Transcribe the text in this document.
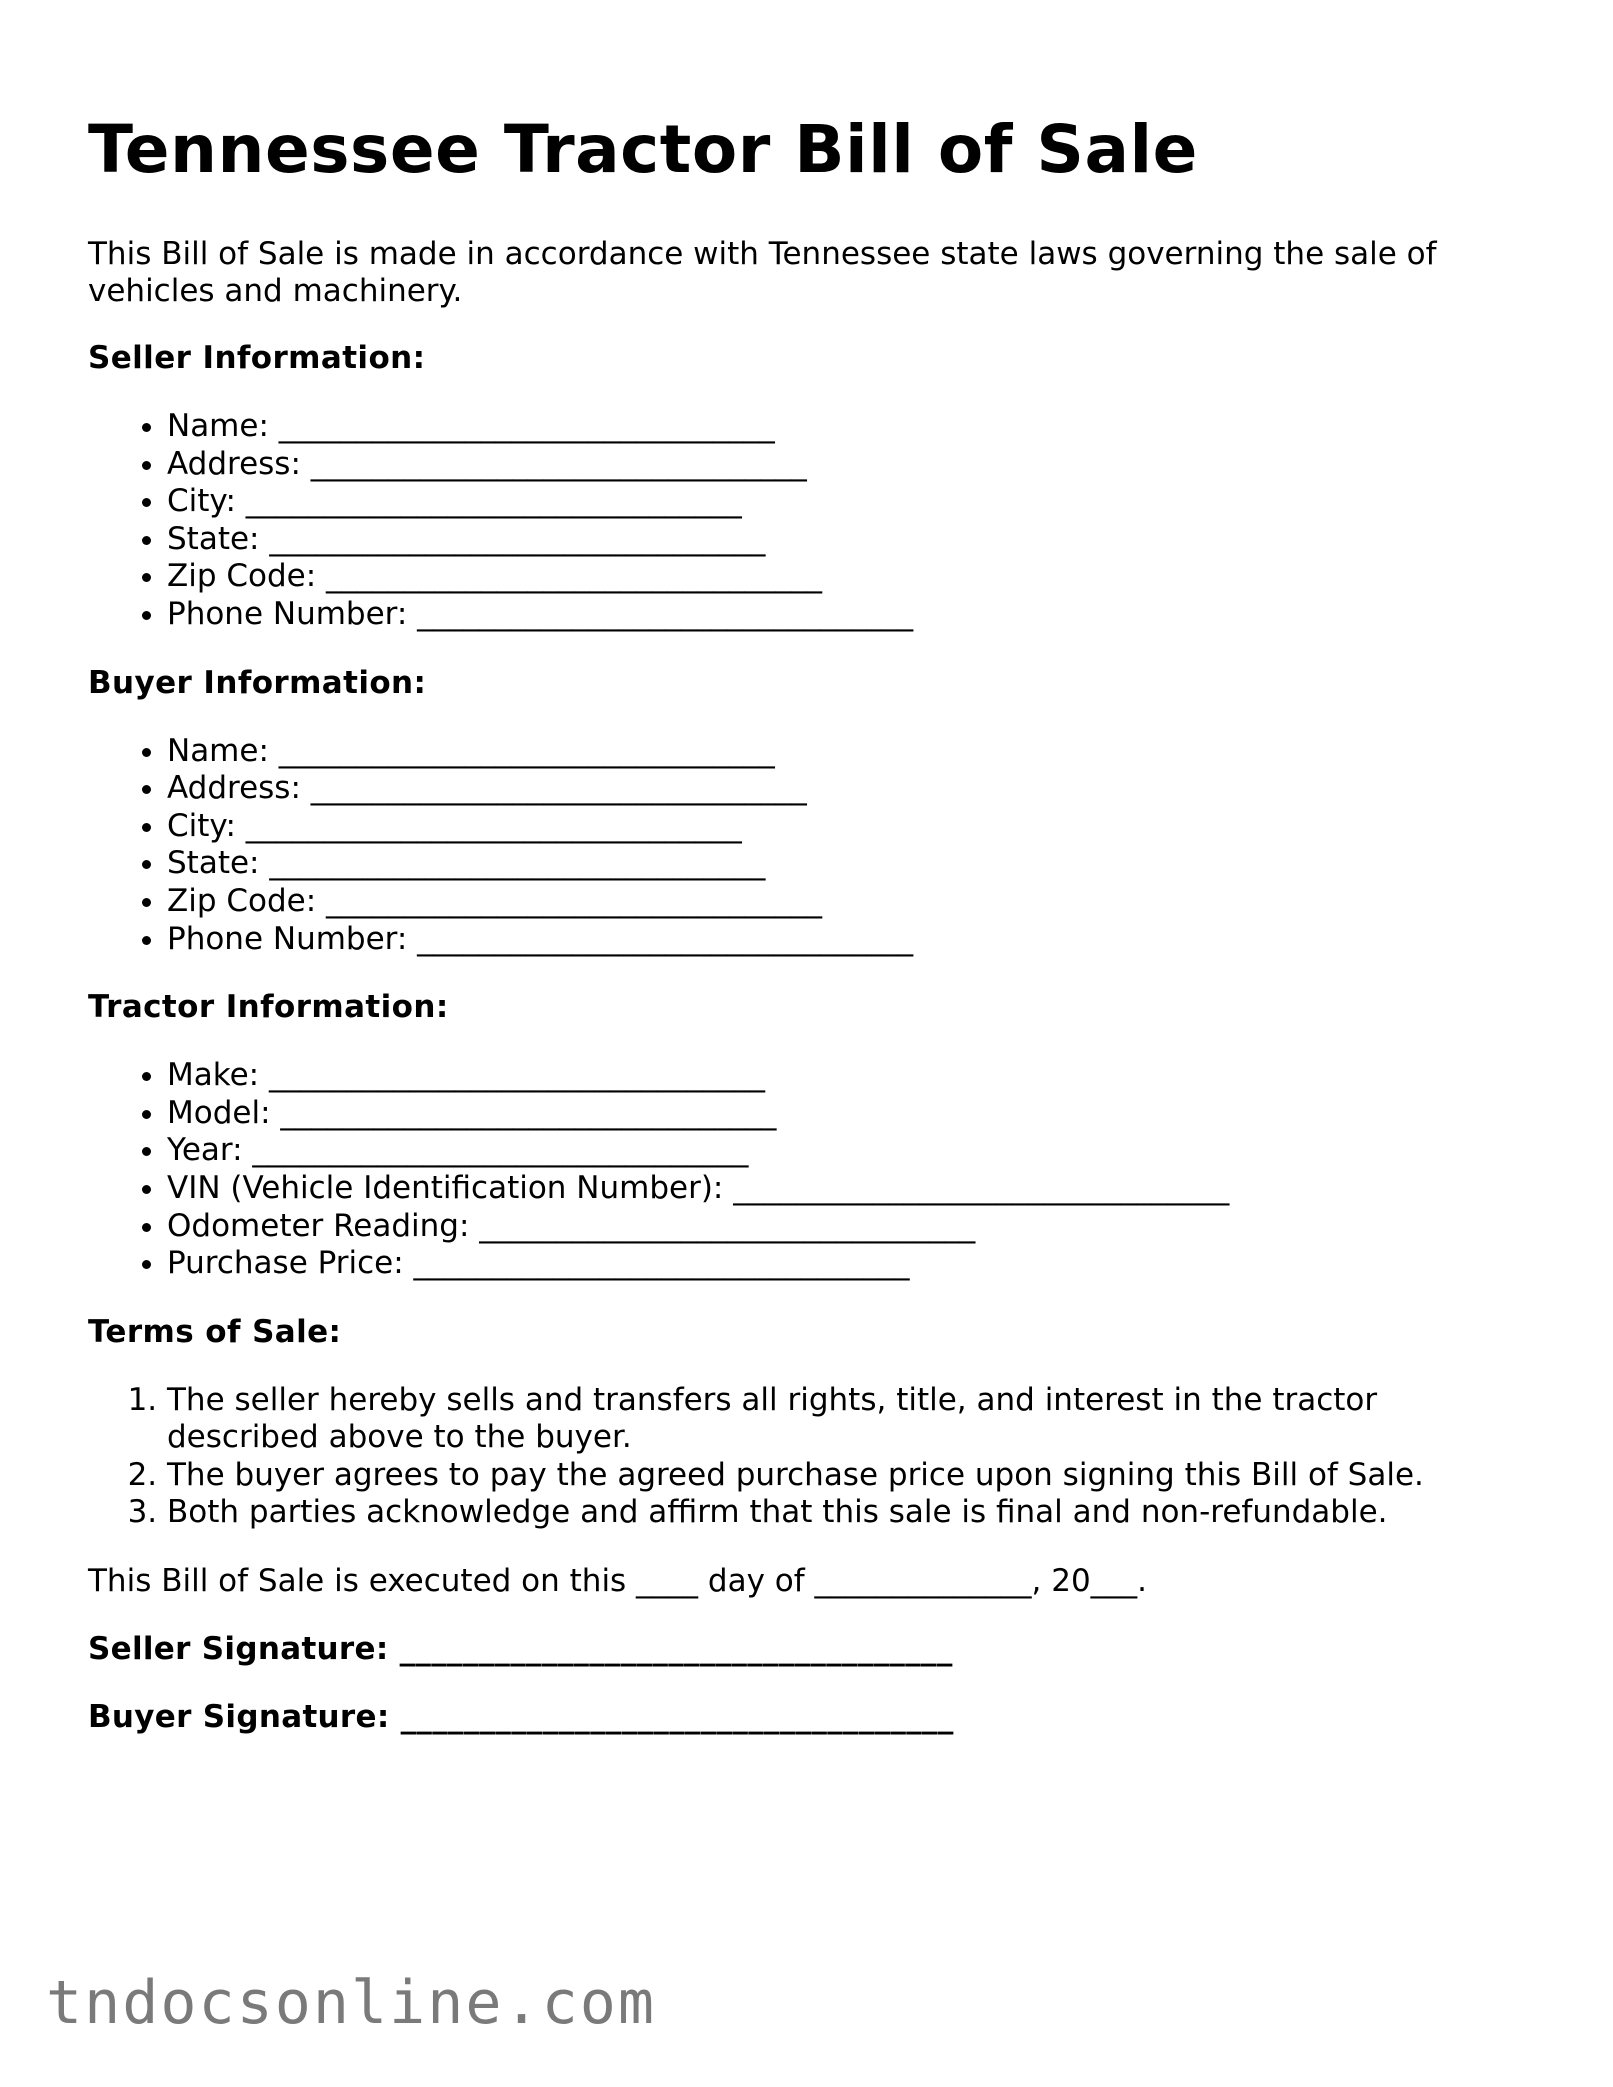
Tennessee Tractor Bill of Sale

This Bill of Sale is made in accordance with Tennessee state laws governing the sale of vehicles and machinery.

Seller Information:
• Name: ________________________________
• Address: ________________________________
• City: ________________________________
• State: ________________________________
• Zip Code: ________________________________
• Phone Number: ________________________________
Buyer Information:
• Name: ________________________________
• Address: ________________________________
• City: ________________________________
• State: ________________________________
• Zip Code: ________________________________
• Phone Number: ________________________________
Tractor Information:
• Make: ________________________________
• Model: ________________________________
• Year: ________________________________
• VIN (Vehicle Identification Number): ________________________________
• Odometer Reading: ________________________________
• Purchase Price: ________________________________
Terms of Sale:
1. The seller hereby sells and transfers all rights, title, and interest in the tractor described above to the buyer.
2. The buyer agrees to pay the agreed purchase price upon signing this Bill of Sale.
3. Both parties acknowledge and affirm that this sale is final and non-refundable.

This Bill of Sale is executed on this ____ day of ______________, 20___.

Seller Signature: ___________________________________

Buyer Signature: ___________________________________

tndocsonline.com
